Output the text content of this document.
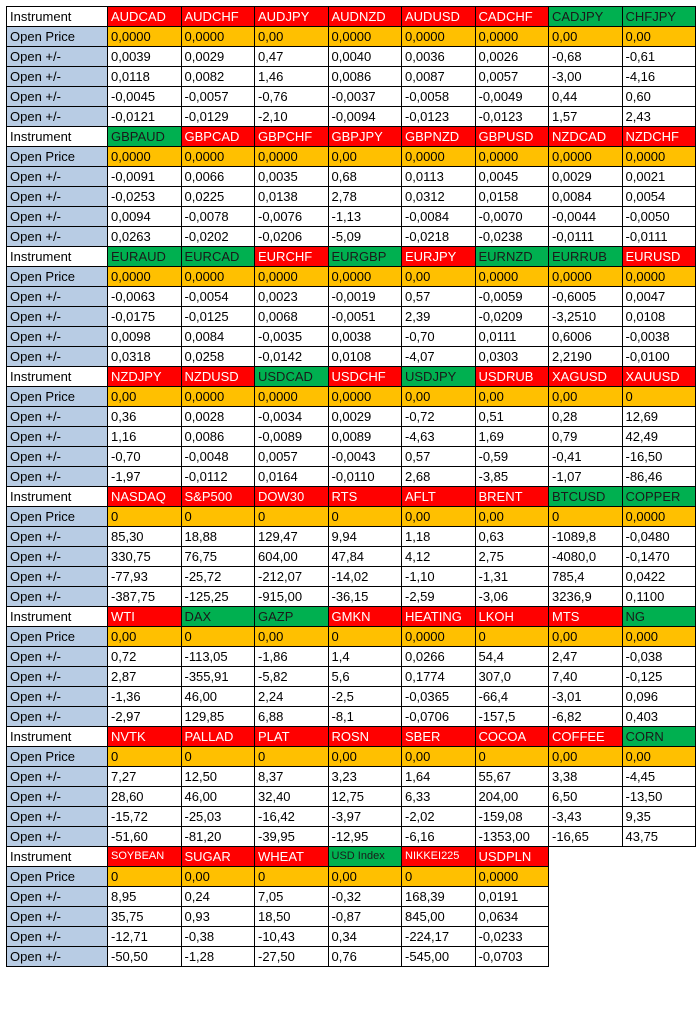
Instrument	AUDCAD	AUDCHF	AUDJPY	AUDNZD	AUDUSD	CADCHF	CADJPY	CHFJPY
Open Price	0,0000	0,0000	0,00	0,0000	0,0000	0,0000	0,00	0,00
Open +/-	0,0039	0,0029	0,47	0,0040	0,0036	0,0026	-0,68	-0,61
Open +/-	0,0118	0,0082	1,46	0,0086	0,0087	0,0057	-3,00	-4,16
Open +/-	-0,0045	-0,0057	-0,76	-0,0037	-0,0058	-0,0049	0,44	0,60
Open +/-	-0,0121	-0,0129	-2,10	-0,0094	-0,0123	-0,0123	1,57	2,43
Instrument	GBPAUD	GBPCAD	GBPCHF	GBPJPY	GBPNZD	GBPUSD	NZDCAD	NZDCHF
Open Price	0,0000	0,0000	0,0000	0,00	0,0000	0,0000	0,0000	0,0000
Open +/-	-0,0091	0,0066	0,0035	0,68	0,0113	0,0045	0,0029	0,0021
Open +/-	-0,0253	0,0225	0,0138	2,78	0,0312	0,0158	0,0084	0,0054
Open +/-	0,0094	-0,0078	-0,0076	-1,13	-0,0084	-0,0070	-0,0044	-0,0050
Open +/-	0,0263	-0,0202	-0,0206	-5,09	-0,0218	-0,0238	-0,0111	-0,0111
Instrument	EURAUD	EURCAD	EURCHF	EURGBP	EURJPY	EURNZD	EURRUB	EURUSD
Open Price	0,0000	0,0000	0,0000	0,0000	0,00	0,0000	0,0000	0,0000
Open +/-	-0,0063	-0,0054	0,0023	-0,0019	0,57	-0,0059	-0,6005	0,0047
Open +/-	-0,0175	-0,0125	0,0068	-0,0051	2,39	-0,0209	-3,2510	0,0108
Open +/-	0,0098	0,0084	-0,0035	0,0038	-0,70	0,0111	0,6006	-0,0038
Open +/-	0,0318	0,0258	-0,0142	0,0108	-4,07	0,0303	2,2190	-0,0100
Instrument	NZDJPY	NZDUSD	USDCAD	USDCHF	USDJPY	USDRUB	XAGUSD	XAUUSD
Open Price	0,00	0,0000	0,0000	0,0000	0,00	0,00	0,00	0
Open +/-	0,36	0,0028	-0,0034	0,0029	-0,72	0,51	0,28	12,69
Open +/-	1,16	0,0086	-0,0089	0,0089	-4,63	1,69	0,79	42,49
Open +/-	-0,70	-0,0048	0,0057	-0,0043	0,57	-0,59	-0,41	-16,50
Open +/-	-1,97	-0,0112	0,0164	-0,0110	2,68	-3,85	-1,07	-86,46
Instrument	NASDAQ	S&P500	DOW30	RTS	AFLT	BRENT	BTCUSD	COPPER
Open Price	0	0	0	0	0,00	0,00	0	0,0000
Open +/-	85,30	18,88	129,47	9,94	1,18	0,63	-1089,8	-0,0480
Open +/-	330,75	76,75	604,00	47,84	4,12	2,75	-4080,0	-0,1470
Open +/-	-77,93	-25,72	-212,07	-14,02	-1,10	-1,31	785,4	0,0422
Open +/-	-387,75	-125,25	-915,00	-36,15	-2,59	-3,06	3236,9	0,1100
Instrument	WTI	DAX	GAZP	GMKN	HEATING	LKOH	MTS	NG
Open Price	0,00	0	0,00	0	0,0000	0	0,00	0,000
Open +/-	0,72	-113,05	-1,86	1,4	0,0266	54,4	2,47	-0,038
Open +/-	2,87	-355,91	-5,82	5,6	0,1774	307,0	7,40	-0,125
Open +/-	-1,36	46,00	2,24	-2,5	-0,0365	-66,4	-3,01	0,096
Open +/-	-2,97	129,85	6,88	-8,1	-0,0706	-157,5	-6,82	0,403
Instrument	NVTK	PALLAD	PLAT	ROSN	SBER	COCOA	COFFEE	CORN
Open Price	0	0	0	0,00	0,00	0	0,00	0,00
Open +/-	7,27	12,50	8,37	3,23	1,64	55,67	3,38	-4,45
Open +/-	28,60	46,00	32,40	12,75	6,33	204,00	6,50	-13,50
Open +/-	-15,72	-25,03	-16,42	-3,97	-2,02	-159,08	-3,43	9,35
Open +/-	-51,60	-81,20	-39,95	-12,95	-6,16	-1353,00	-16,65	43,75
Instrument	SOYBEAN	SUGAR	WHEAT	USD Index	NIKKEI225	USDPLN		
Open Price	0	0,00	0	0,00	0	0,0000		
Open +/-	8,95	0,24	7,05	-0,32	168,39	0,0191		
Open +/-	35,75	0,93	18,50	-0,87	845,00	0,0634		
Open +/-	-12,71	-0,38	-10,43	0,34	-224,17	-0,0233		
Open +/-	-50,50	-1,28	-27,50	0,76	-545,00	-0,0703		
